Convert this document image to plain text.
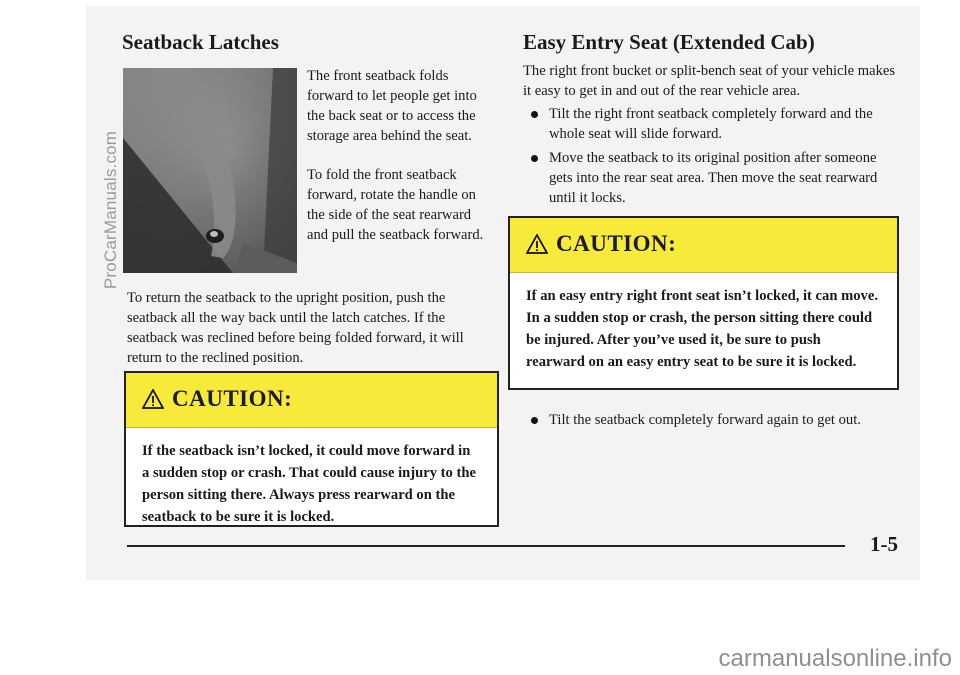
ProCarManuals.com
Seatback Latches	Easy Entry Seat (Extended Cab)

The front seatback folds forward to let people get into the back seat or to access the storage area behind the seat.

To fold the front seatback forward, rotate the handle on the side of the seat rearward and pull the seatback forward.

To return the seatback to the upright position, push the seatback all the way back until the latch catches. If the seatback was reclined before being folded forward, it will return to the reclined position.

CAUTION:
If the seatback isn’t locked, it could move forward in a sudden stop or crash. That could cause injury to the person sitting there. Always press rearward on the seatback to be sure it is locked.

The right front bucket or split-bench seat of your vehicle makes it easy to get in and out of the rear vehicle area.

Tilt the right front seatback completely forward and the whole seat will slide forward.
Move the seatback to its original position after someone gets into the rear seat area. Then move the seat rearward until it locks.
CAUTION:
If an easy entry right front seat isn’t locked, it can move. In a sudden stop or crash, the person sitting there could be injured. After you’ve used it, be sure to push rearward on an easy entry seat to be sure it is locked.
Tilt the seatback completely forward again to get out.
1-5
carmanualsonline.info
